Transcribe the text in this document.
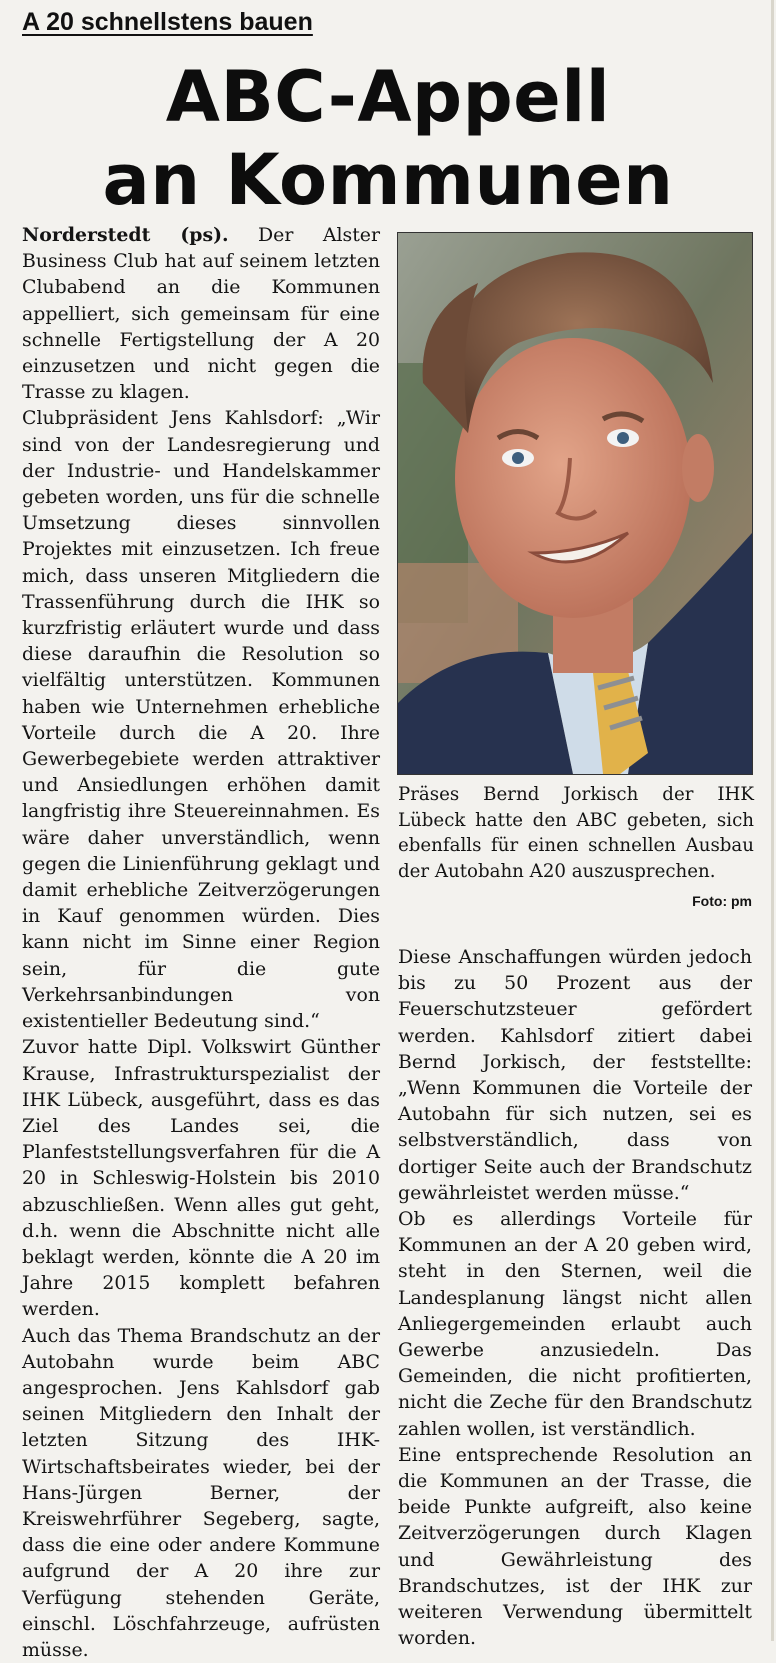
A 20 schnellstens bauen
ABC-Appell
an Kommunen

Norderstedt (ps). Der Alster Business Club hat auf seinem letzten Clubabend an die Kommunen appelliert, sich gemeinsam für eine schnelle Fertigstellung der A 20 einzusetzen und nicht gegen die Trasse zu klagen.

Clubpräsident Jens Kahlsdorf: „Wir sind von der Landesregierung und der Industrie- und Handelskammer gebeten worden, uns für die schnelle Umsetzung dieses sinnvollen Projektes mit einzusetzen. Ich freue mich, dass unseren Mitgliedern die Trassenführung durch die IHK so kurzfristig erläutert wurde und dass diese daraufhin die Resolution so vielfältig unterstützen. Kommunen haben wie Unternehmen erhebliche Vorteile durch die A 20. Ihre Gewerbegebiete werden attraktiver und Ansiedlungen erhöhen damit langfristig ihre Steuereinnahmen. Es wäre daher unverständlich, wenn gegen die Linienführung geklagt und damit erhebliche Zeitverzögerungen in Kauf genommen würden. Dies kann nicht im Sinne einer Region sein, für die gute Verkehrsanbindungen von existentieller Bedeutung sind.“

Zuvor hatte Dipl. Volkswirt Günther Krause, Infrastrukturspezialist der IHK Lübeck, ausgeführt, dass es das Ziel des Landes sei, die Planfeststellungsverfahren für die A 20 in Schleswig-Holstein bis 2010 abzuschließen. Wenn alles gut geht, d.h. wenn die Abschnitte nicht alle beklagt werden, könnte die A 20 im Jahre 2015 komplett befahren werden.

Auch das Thema Brandschutz an der Autobahn wurde beim ABC angesprochen. Jens Kahlsdorf gab seinen Mitgliedern den Inhalt der letzten Sitzung des IHK-Wirtschaftsbeirates wieder, bei der Hans-Jürgen Berner, der Kreiswehrführer Segeberg, sagte, dass die eine oder andere Kommune aufgrund der A 20 ihre zur Verfügung stehenden Geräte, einschl. Löschfahrzeuge, aufrüsten müsse.

Präses Bernd Jorkisch der IHK Lübeck hatte den ABC gebeten, sich ebenfalls für einen schnellen Ausbau der Autobahn A20 auszusprechen.
Foto: pm

Diese Anschaffungen würden jedoch bis zu 50 Prozent aus der Feuerschutzsteuer gefördert werden. Kahlsdorf zitiert dabei Bernd Jorkisch, der feststellte: „Wenn Kommunen die Vorteile der Autobahn für sich nutzen, sei es selbstverständlich, dass von dortiger Seite auch der Brandschutz gewährleistet werden müsse.“

Ob es allerdings Vorteile für Kommunen an der A 20 geben wird, steht in den Sternen, weil die Landesplanung längst nicht allen Anliegergemeinden erlaubt auch Gewerbe anzusiedeln. Das Gemeinden, die nicht profitierten, nicht die Zeche für den Brandschutz zahlen wollen, ist verständlich.

Eine entsprechende Resolution an die Kommunen an der Trasse, die beide Punkte aufgreift, also keine Zeitverzögerungen durch Klagen und Gewährleistung des Brandschutzes, ist der IHK zur weiteren Verwendung übermittelt worden.
